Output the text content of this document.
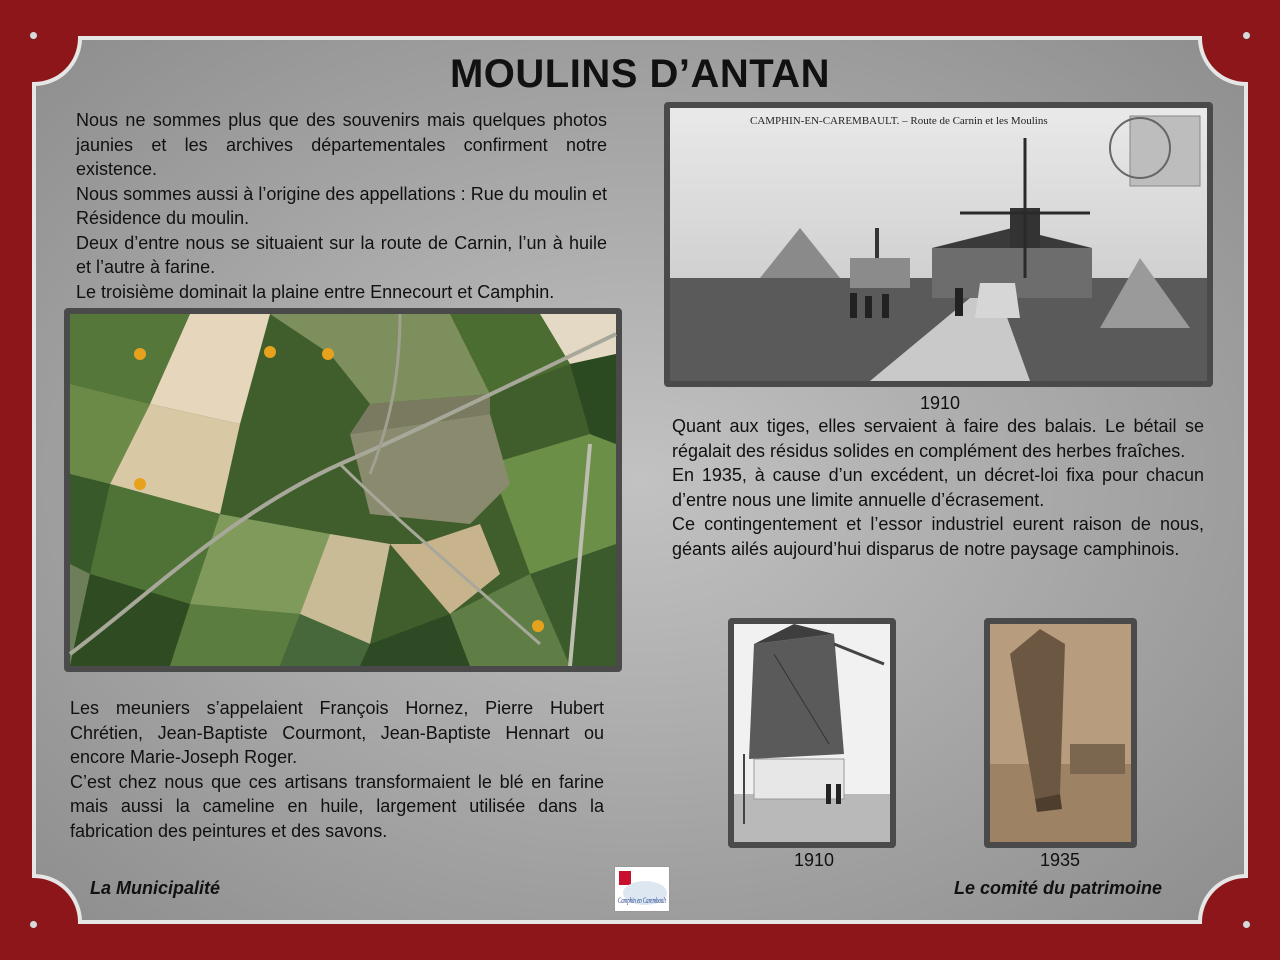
MOULINS D’ANTAN
Nous ne sommes plus que des souvenirs mais quelques photos jaunies et les archives départementales confirment notre existence.
Nous sommes aussi à l’origine des appellations : Rue du moulin et Résidence du moulin.
Deux d’entre nous se situaient sur la route de Carnin, l’un à huile et l’autre à farine.
Le troisième dominait la plaine entre Ennecourt et Camphin.
CAMPHIN-EN-CAREMBAULT. – Route de Carnin et les Moulins
1910
Quant aux tiges, elles servaient à faire des balais. Le bétail se régalait des résidus solides en complément des herbes fraîches.
En 1935, à cause d’un excédent, un décret-loi fixa pour chacun d’entre nous une limite annuelle d’écrasement.
Ce contingentement et l’essor industriel eurent raison de nous, géants ailés aujourd’hui disparus de notre paysage camphinois.
Les meuniers s’appelaient François Hornez, Pierre Hubert Chrétien, Jean-Baptiste Courmont, Jean-Baptiste Hennart ou encore Marie-Joseph Roger.
C’est chez nous que ces artisans transformaient le blé en farine mais aussi la cameline en huile, largement utilisée dans la fabrication des peintures et des savons.
1910	1935
La Municipalité	Le comité du patrimoine
Camphin en Carembault
